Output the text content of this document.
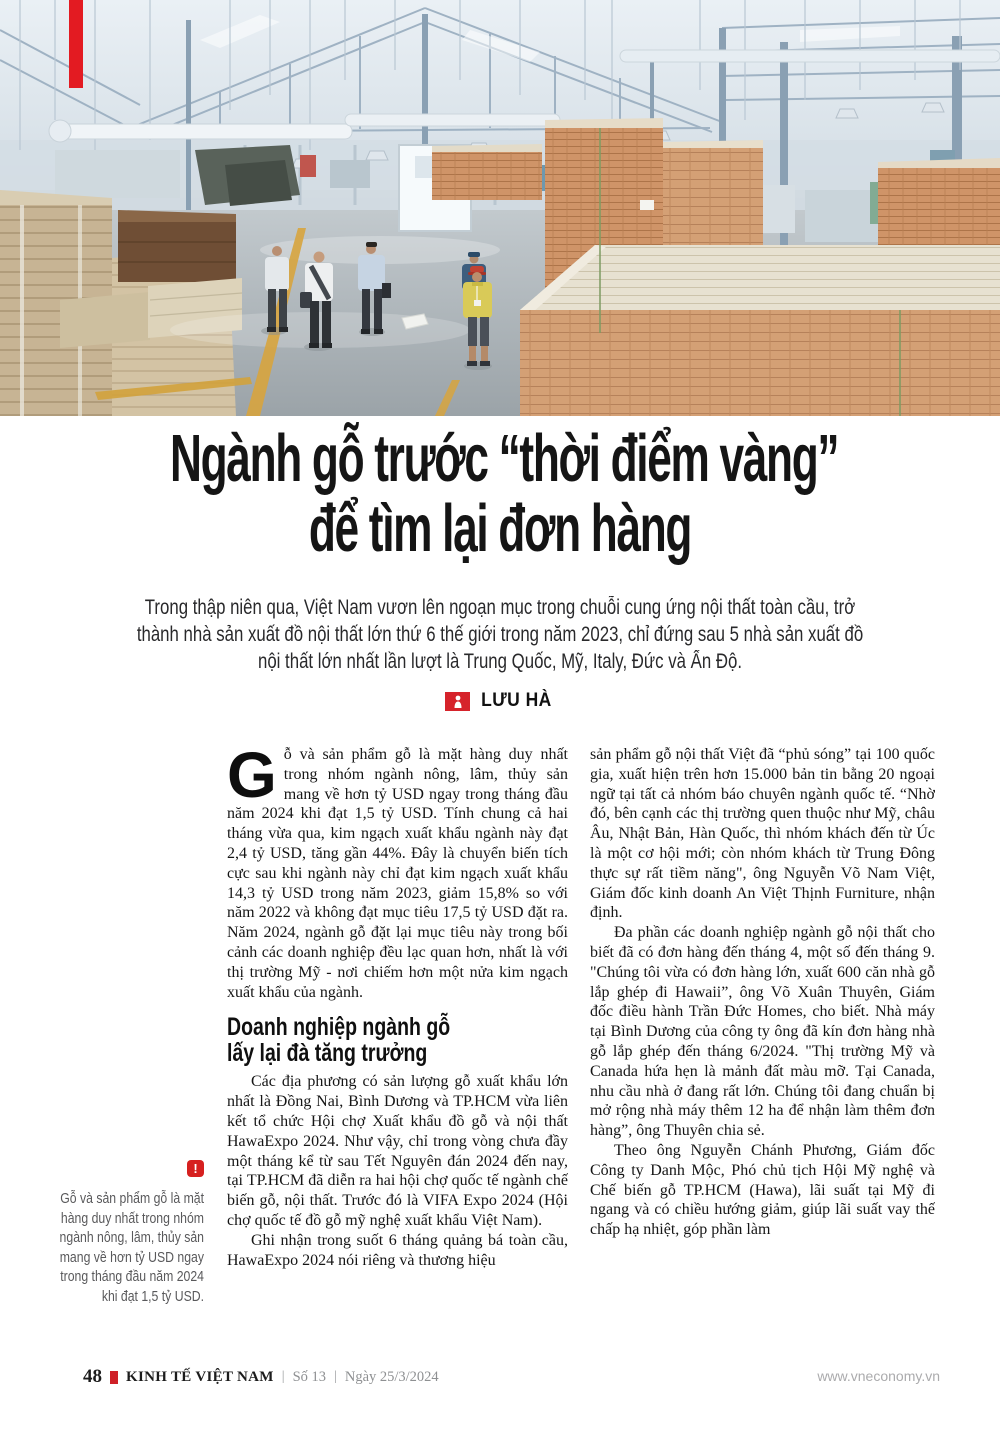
Ngành gỗ trước “thời điểm vàng”
để tìm lại đơn hàng
Trong thập niên qua, Việt Nam vươn lên ngoạn mục trong chuỗi cung ứng nội thất toàn cầu, trở
thành nhà sản xuất đồ nội thất lớn thứ 6 thế giới trong năm 2023, chỉ đứng sau 5 nhà sản xuất đồ
nội thất lớn nhất lần lượt là Trung Quốc, Mỹ, Italy, Đức và Ấn Độ.
LƯU HÀ

Gỗ và sản phẩm gỗ là mặt hàng duy nhất trong nhóm ngành nông, lâm, thủy sản mang về hơn tỷ USD ngay trong tháng đầu năm 2024 khi đạt 1,5 tỷ USD. Tính chung cả hai tháng vừa qua, kim ngạch xuất khẩu ngành này đạt 2,4 tỷ USD, tăng gần 44%. Đây là chuyển biến tích cực sau khi ngành này chỉ đạt kim ngạch xuất khẩu 14,3 tỷ USD trong năm 2023, giảm 15,8% so với năm 2022 và không đạt mục tiêu 17,5 tỷ USD đặt ra. Năm 2024, ngành gỗ đặt lại mục tiêu này trong bối cảnh các doanh nghiệp đều lạc quan hơn, nhất là với thị trường Mỹ - nơi chiếm hơn một nửa kim ngạch xuất khẩu của ngành.

Doanh nghiệp ngành gỗ
lấy lại đà tăng trưởng

Các địa phương có sản lượng gỗ xuất khẩu lớn nhất là Đồng Nai, Bình Dương và TP.HCM vừa liên kết tổ chức Hội chợ Xuất khẩu đồ gỗ và nội thất HawaExpo 2024. Như vậy, chỉ trong vòng chưa đầy một tháng kể từ sau Tết Nguyên đán 2024 đến nay, tại TP.HCM đã diễn ra hai hội chợ quốc tế ngành chế biến gỗ, nội thất. Trước đó là VIFA Expo 2024 (Hội chợ quốc tế đồ gỗ mỹ nghệ xuất khẩu Việt Nam).

Ghi nhận trong suốt 6 tháng quảng bá toàn cầu, HawaExpo 2024 nói riêng và thương hiệu

sản phẩm gỗ nội thất Việt đã “phủ sóng” tại 100 quốc gia, xuất hiện trên hơn 15.000 bản tin bằng 20 ngoại ngữ tại tất cả nhóm báo chuyên ngành quốc tế. “Nhờ đó, bên cạnh các thị trường quen thuộc như Mỹ, châu Âu, Nhật Bản, Hàn Quốc, thì nhóm khách đến từ Úc là một cơ hội mới; còn nhóm khách từ Trung Đông thực sự rất tiềm năng", ông Nguyễn Võ Nam Việt, Giám đốc kinh doanh An Việt Thịnh Furniture, nhận định.

Đa phần các doanh nghiệp ngành gỗ nội thất cho biết đã có đơn hàng đến tháng 4, một số đến tháng 9. "Chúng tôi vừa có đơn hàng lớn, xuất 600 căn nhà gỗ lắp ghép đi Hawaii”, ông Võ Xuân Thuyên, Giám đốc điều hành Trần Đức Homes, cho biết. Nhà máy tại Bình Dương của công ty ông đã kín đơn hàng nhà gỗ lắp ghép đến tháng 6/2024. "Thị trường Mỹ và Canada hứa hẹn là mảnh đất màu mỡ. Tại Canada, nhu cầu nhà ở đang rất lớn. Chúng tôi đang chuẩn bị mở rộng nhà máy thêm 12 ha để nhận làm thêm đơn hàng”, ông Thuyên chia sẻ.

Theo ông Nguyễn Chánh Phương, Giám đốc Công ty Danh Mộc, Phó chủ tịch Hội Mỹ nghệ và Chế biến gỗ TP.HCM (Hawa), lãi suất tại Mỹ đi ngang và có chiều hướng giảm, giúp lãi suất vay thế chấp hạ nhiệt, góp phần làm

!
Gỗ và sản phẩm gỗ là mặt hàng duy nhất trong nhóm ngành nông, lâm, thủy sản mang về hơn tỷ USD ngay trong tháng đầu năm 2024 khi đạt 1,5 tỷ USD.
48 KINH TẾ VIỆT NAM | Số 13 | Ngày 25/3/2024	www.vneconomy.vn
